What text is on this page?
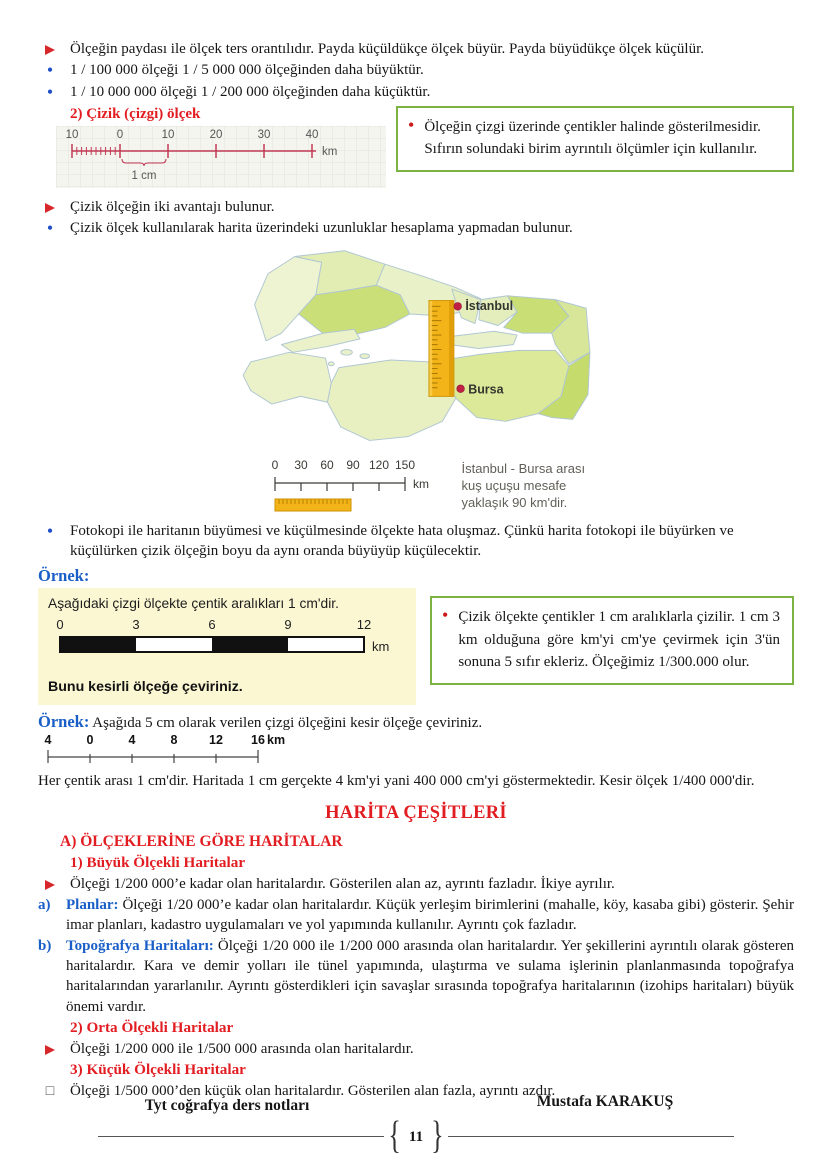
Ölçeğin paydası ile ölçek ters orantılıdır. Payda küçüldükçe ölçek büyür. Payda büyüdükçe ölçek küçülür.
•	1 / 100 000 ölçeği 1 / 5 000 000 ölçeğinden daha büyüktür.
•	1 / 10 000 000 ölçeği 1 / 200 000 ölçeğinden daha küçüktür.
2) Çizik (çizgi) ölçek
10	0	10	20	30	40
km
1 cm
• Ölçeğin çizgi üzerinde çentikler halinde gösterilmesidir. Sıfırın solundaki birim ayrıntılı ölçümler için kullanılır.
Çizik ölçeğin iki avantajı bulunur.
•	Çizik ölçek kullanılarak harita üzerindeki uzunluklar hesaplama yapmadan bulunur.
İstanbul
Bursa
0 30 60 90 120 150
km
İstanbul - Bursa arası
kuş uçuşu mesafe
yaklaşık 90 km'dir.
•	Fotokopi ile haritanın büyümesi ve küçülmesinde ölçekte hata oluşmaz. Çünkü harita fotokopi ile büyürken ve küçülürken çizik ölçeğin boyu da aynı oranda büyüyüp küçülecektir.
Örnek:
Aşağıdaki çizgi ölçekte çentik aralıkları 1 cm'dir.
0	3	6	9	12
km
Bunu kesirli ölçeğe çeviriniz.
• Çizik ölçekte çentikler 1 cm aralıklarla çizilir. 1 cm 3 km olduğuna göre km'yi cm'ye çevirmek için 3'ün sonuna 5 sıfır ekleriz. Ölçeğimiz 1/300.000 olur.
Örnek: Aşağıda 5 cm olarak verilen çizgi ölçeğini kesir ölçeğe çeviriniz.
4	0	4	8	12 16 km
Her çentik arası 1 cm'dir. Haritada 1 cm gerçekte 4 km'yi yani 400 000 cm'yi göstermektedir. Kesir ölçek 1/400 000'dir.
HARİTA ÇEŞİTLERİ
A) ÖLÇEKLERİNE GÖRE HARİTALAR
1) Büyük Ölçekli Haritalar
Ölçeği 1/200 000’e kadar olan haritalardır. Gösterilen alan az, ayrıntı fazladır. İkiye ayrılır.
a)	Planlar: Ölçeği 1/20 000’e kadar olan haritalardır. Küçük yerleşim birimlerini (mahalle, köy, kasaba gibi) gösterir. Şehir imar planları, kadastro uygulamaları ve yol yapımında kullanılır. Ayrıntı çok fazladır.
b) Topoğrafya Haritaları: Ölçeği 1/20 000 ile 1/200 000 arasında olan haritalardır. Yer şekillerini ayrıntılı olarak gösteren haritalardır. Kara ve demir yolları ile tünel yapımında, ulaştırma ve sulama işlerinin planlanmasında topoğrafya haritalarından yararlanılır. Ayrıntı gösterdikleri için savaşlar sırasında topoğrafya haritalarının (izohips haritaları) büyük önemi vardır.
2) Orta Ölçekli Haritalar
Ölçeği 1/200 000 ile 1/500 000 arasında olan haritalardır.
3) Küçük Ölçekli Haritalar
□	Ölçeği 1/500 000’den küçük olan haritalardır. Gösterilen alan fazla, ayrıntı azdır.
Tyt coğrafya ders notları	Mustafa KARAKUŞ
{ 11 }
